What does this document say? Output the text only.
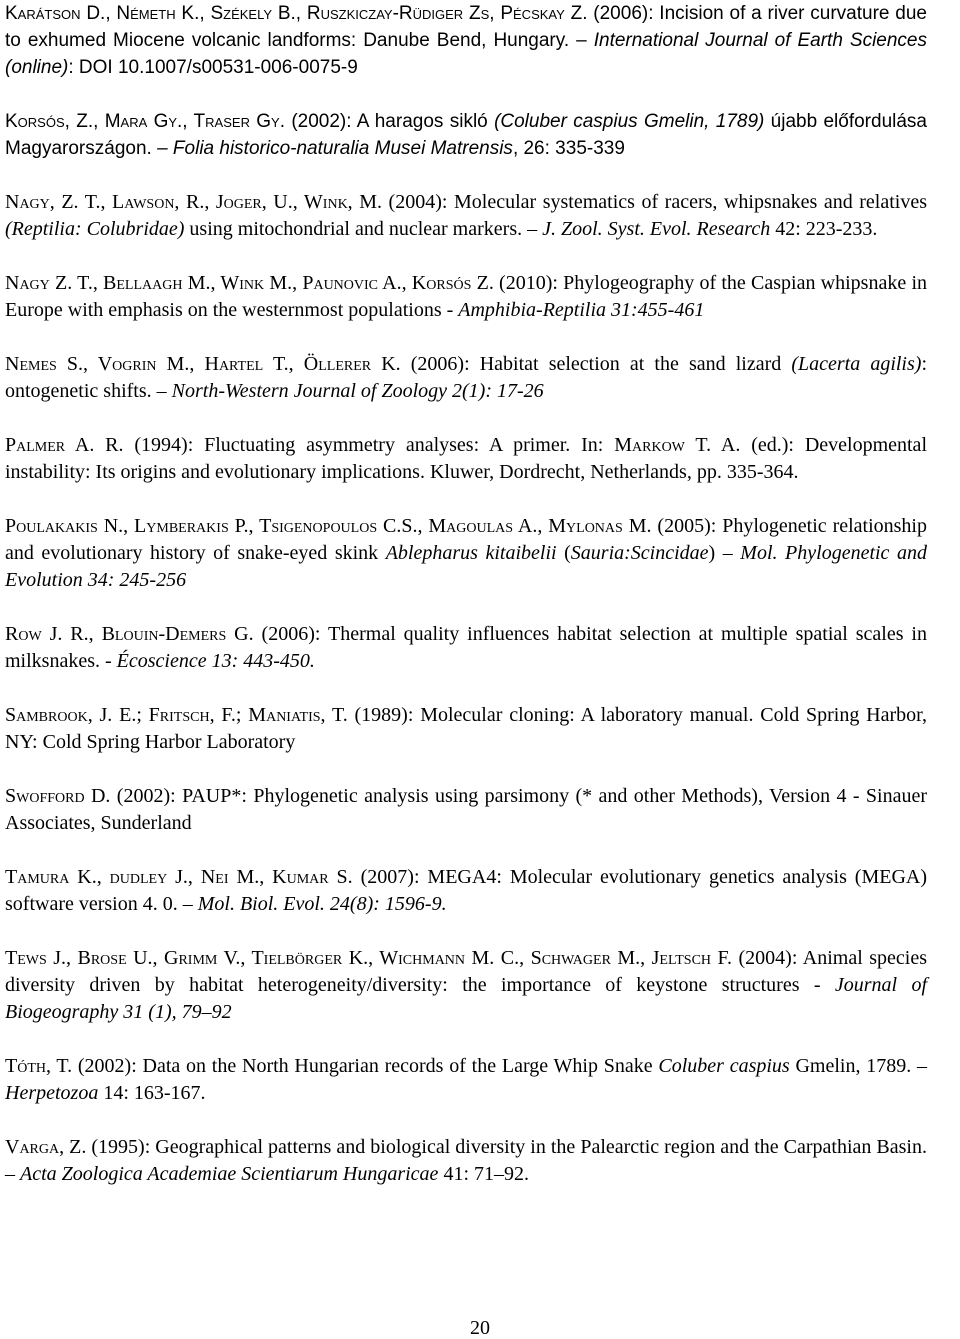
Karátson D., Németh K., Székely B., Ruszkiczay-Rüdiger Zs, Pécskay Z. (2006): Incision of a river curvature due to exhumed Miocene volcanic landforms: Danube Bend, Hungary. – International Journal of Earth Sciences (online): DOI 10.1007/s00531-006-0075-9

Korsós, Z., Mara Gy., Traser Gy. (2002): A haragos sikló (Coluber caspius Gmelin, 1789) újabb előfordulása Magyarországon. – Folia historico-naturalia Musei Matrensis, 26: 335-339

Nagy, Z. T., Lawson, R., Joger, U., Wink, M. (2004): Molecular systematics of racers, whipsnakes and relatives (Reptilia: Colubridae) using mitochondrial and nuclear markers. – J. Zool. Syst. Evol. Research 42: 223-233.

Nagy Z. T., Bellaagh M., Wink M., Paunovic A., Korsós Z. (2010): Phylogeography of the Caspian whipsnake in Europe with emphasis on the westernmost populations - Amphibia-Reptilia 31:455-461

Nemes S., Vogrin M., Hartel T., Öllerer K. (2006): Habitat selection at the sand lizard (Lacerta agilis): ontogenetic shifts. – North-Western Journal of Zoology 2(1): 17-26

Palmer A. R. (1994): Fluctuating asymmetry analyses: A primer. In: Markow T. A. (ed.): Developmental instability: Its origins and evolutionary implications. Kluwer, Dordrecht, Netherlands, pp. 335-364.

Poulakakis N., Lymberakis P., Tsigenopoulos C.S., Magoulas A., Mylonas M. (2005): Phylogenetic relationship and evolutionary history of snake-eyed skink Ablepharus kitaibelii (Sauria:Scincidae) – Mol. Phylogenetic and Evolution 34: 245-256

Row J. R., Blouin-Demers G. (2006): Thermal quality influences habitat selection at multiple spatial scales in milksnakes. - Écoscience 13: 443-450.

Sambrook, J. E.; Fritsch, F.; Maniatis, T. (1989): Molecular cloning: A laboratory manual. Cold Spring Harbor, NY: Cold Spring Harbor Laboratory

Swofford D. (2002): PAUP*: Phylogenetic analysis using parsimony (* and other Methods), Version 4 - Sinauer Associates, Sunderland

Tamura K., dudley J., Nei M., Kumar S. (2007): MEGA4: Molecular evolutionary genetics analysis (MEGA) software version 4. 0. – Mol. Biol. Evol. 24(8): 1596-9.

Tews J., Brose U., Grimm V., Tielbörger K., Wichmann M. C., Schwager M., Jeltsch F. (2004): Animal species diversity driven by habitat heterogeneity/diversity: the importance of keystone structures - Journal of Biogeography 31 (1), 79–92

Tóth, T. (2002): Data on the North Hungarian records of the Large Whip Snake Coluber caspius Gmelin, 1789. – Herpetozoa 14: 163-167.

Varga, Z. (1995): Geographical patterns and biological diversity in the Palearctic region and the Carpathian Basin. – Acta Zoologica Academiae Scientiarum Hungaricae 41: 71–92.

20
